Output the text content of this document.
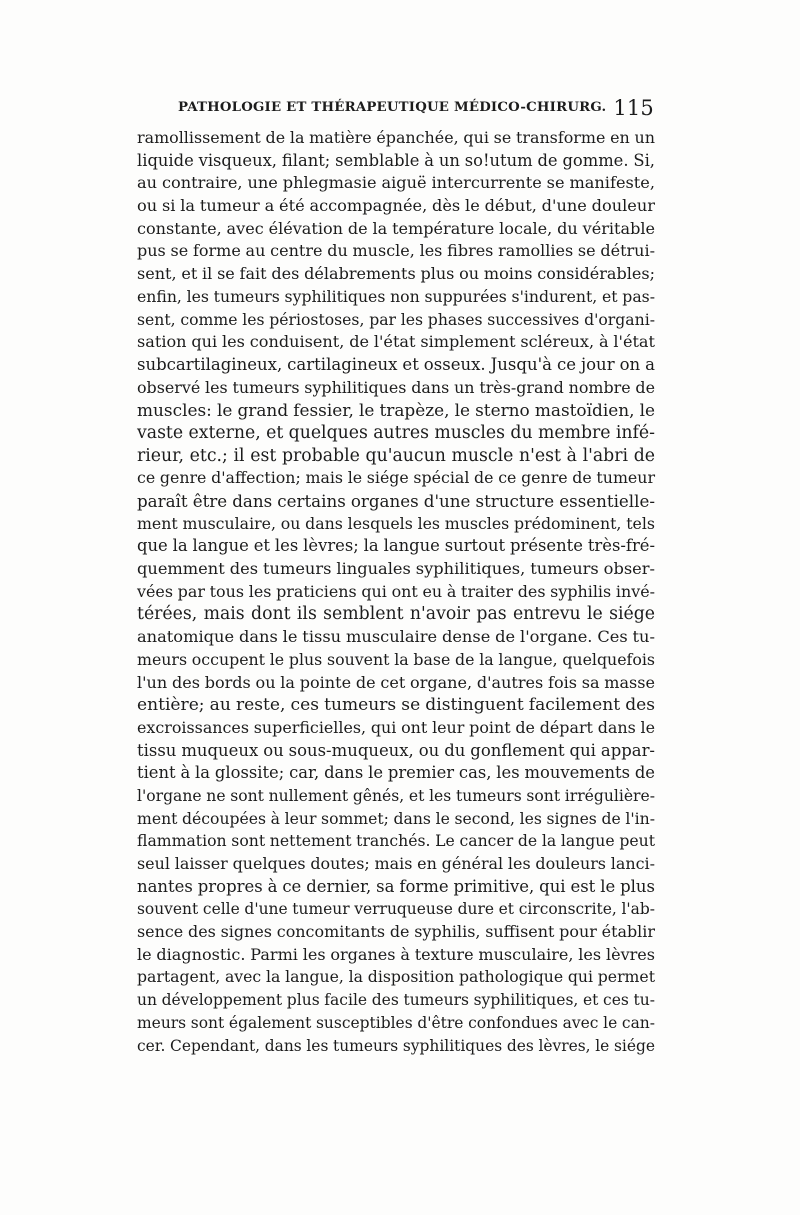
PATHOLOGIE ET THÉRAPEUTIQUE MÉDICO-CHIRURG. 115
ramollissement de la matière épanchée, qui se transforme en un
liquide visqueux, filant; semblable à un so!utum de gomme. Si,
au contraire, une phlegmasie aiguë intercurrente se manifeste,
ou si la tumeur a été accompagnée, dès le début, d'une douleur
constante, avec élévation de la température locale, du véritable
pus se forme au centre du muscle, les fibres ramollies se détrui-
sent, et il se fait des délabrements plus ou moins considérables;
enfin, les tumeurs syphilitiques non suppurées s'indurent, et pas-
sent, comme les périostoses, par les phases successives d'organi-
sation qui les conduisent, de l'état simplement scléreux, à l'état
subcartilagineux, cartilagineux et osseux. Jusqu'à ce jour on a
observé les tumeurs syphilitiques dans un très-grand nombre de
muscles: le grand fessier, le trapèze, le sterno mastoïdien, le
vaste externe, et quelques autres muscles du membre infé-
rieur, etc.; il est probable qu'aucun muscle n'est à l'abri de
ce genre d'affection; mais le siége spécial de ce genre de tumeur
paraît être dans certains organes d'une structure essentielle-
ment musculaire, ou dans lesquels les muscles prédominent, tels
que la langue et les lèvres; la langue surtout présente très-fré-
quemment des tumeurs linguales syphilitiques, tumeurs obser-
vées par tous les praticiens qui ont eu à traiter des syphilis invé-
térées, mais dont ils semblent n'avoir pas entrevu le siége
anatomique dans le tissu musculaire dense de l'organe. Ces tu-
meurs occupent le plus souvent la base de la langue, quelquefois
l'un des bords ou la pointe de cet organe, d'autres fois sa masse
entière; au reste, ces tumeurs se distinguent facilement des
excroissances superficielles, qui ont leur point de départ dans le
tissu muqueux ou sous-muqueux, ou du gonflement qui appar-
tient à la glossite; car, dans le premier cas, les mouvements de
l'organe ne sont nullement gênés, et les tumeurs sont irrégulière-
ment découpées à leur sommet; dans le second, les signes de l'in-
flammation sont nettement tranchés. Le cancer de la langue peut
seul laisser quelques doutes; mais en général les douleurs lanci-
nantes propres à ce dernier, sa forme primitive, qui est le plus
souvent celle d'une tumeur verruqueuse dure et circonscrite, l'ab-
sence des signes concomitants de syphilis, suffisent pour établir
le diagnostic. Parmi les organes à texture musculaire, les lèvres
partagent, avec la langue, la disposition pathologique qui permet
un développement plus facile des tumeurs syphilitiques, et ces tu-
meurs sont également susceptibles d'être confondues avec le can-
cer. Cependant, dans les tumeurs syphilitiques des lèvres, le siége
